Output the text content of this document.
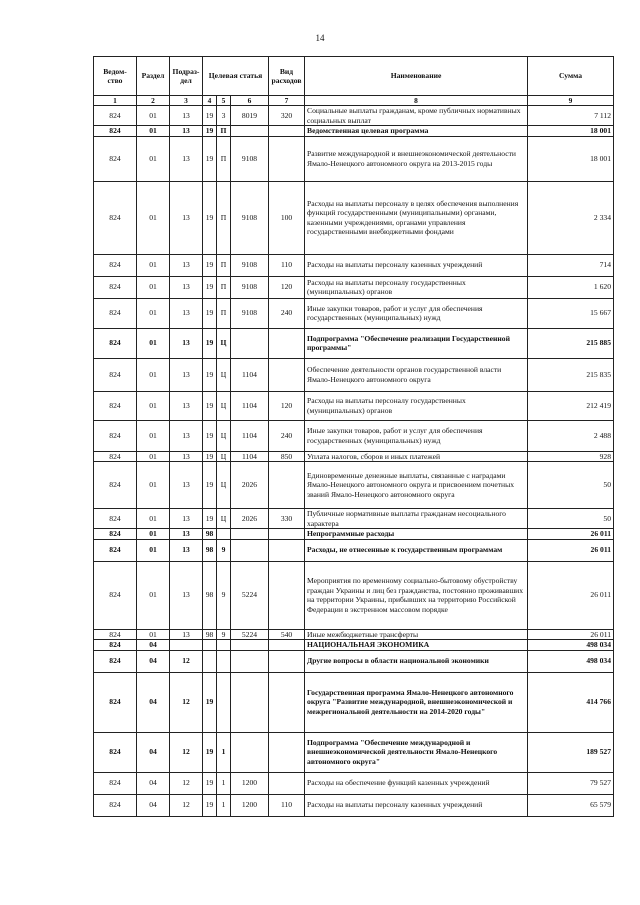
14
Ведом-ство	Раздел	Подраз-дел	Целевая статья			Вид расходов	Наименование	Сумма
1	2	3	4	5	6	7	8	9
824	01	13	19	3	8019	320	Социальные выплаты гражданам, кроме публичных нормативных социальных выплат	7 112
824	01	13	19	П			Ведомственная целевая программа	18 001
824	01	13	19	П	9108		Развитие международной и внешнеэкономической деятельности Ямало-Ненецкого автономного округа на 2013-2015 годы	18 001
824	01	13	19	П	9108	100	Расходы на выплаты персоналу в целях обеспечения выполнения функций государственными (муниципальными) органами, казенными учреждениями, органами управления государственными внебюджетными фондами	2 334
824	01	13	19	П	9108	110	Расходы на выплаты персоналу казенных учреждений	714
824	01	13	19	П	9108	120	Расходы на выплаты персоналу государственных (муниципальных) органов	1 620
824	01	13	19	П	9108	240	Иные закупки товаров, работ и услуг для обеспечения государственных (муниципальных) нужд	15 667
824	01	13	19	Ц			Подпрограмма "Обеспечение реализации Государственной программы"	215 885
824	01	13	19	Ц	1104		Обеспечение деятельности органов государственной власти Ямало-Ненецкого автономного округа	215 835
824	01	13	19	Ц	1104	120	Расходы на выплаты персоналу государственных (муниципальных) органов	212 419
824	01	13	19	Ц	1104	240	Иные закупки товаров, работ и услуг для обеспечения государственных (муниципальных) нужд	2 488
824	01	13	19	Ц	1104	850	Уплата налогов, сборов и иных платежей	928
824	01	13	19	Ц	2026		Единовременные денежные выплаты, связанные с наградами Ямало-Ненецкого автономного округа и присвоением почетных званий Ямало-Ненецкого автономного округа	50
824	01	13	19	Ц	2026	330	Публичные нормативные выплаты гражданам несоциального характера	50
824	01	13	98				Непрограммные расходы	26 011
824	01	13	98	9			Расходы, не отнесенные к государственным программам	26 011
824	01	13	98	9	5224		Мероприятия по временному социально-бытовому обустройству граждан Украины и лиц без гражданства, постоянно проживавших на территории Украины, прибывших на территорию Российской Федерации в экстренном массовом порядке	26 011
824	01	13	98	9	5224	540	Иные межбюджетные трансферты	26 011
824	04						НАЦИОНАЛЬНАЯ ЭКОНОМИКА	498 034
824	04	12					Другие вопросы в области национальной экономики	498 034
824	04	12	19				Государственная программа Ямало-Ненецкого автономного округа "Развитие международной, внешнеэкономической и межрегиональной деятельности на 2014-2020 годы"	414 766
824	04	12	19	1			Подпрограмма "Обеспечение международной и внешнеэкономической деятельности Ямало-Ненецкого автономного округа"	189 527
824	04	12	19	1	1200		Расходы на обеспечение функций казенных учреждений	79 527
824	04	12	19	1	1200	110	Расходы на выплаты персоналу казенных учреждений	65 579
